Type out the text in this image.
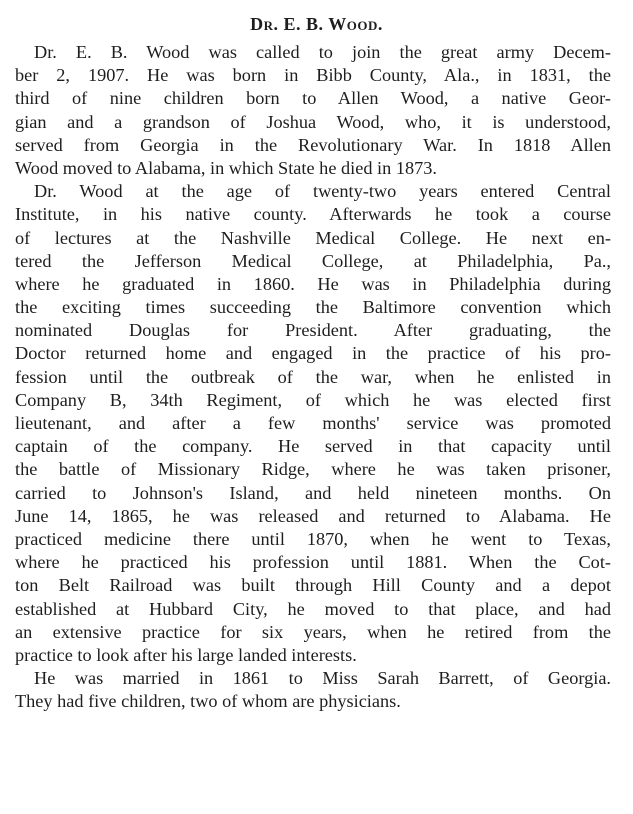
Dr. E. B. Wood.
Dr. E. B. Wood was called to join the great army Decem-
ber 2, 1907. He was born in Bibb County, Ala., in 1831, the
third of nine children born to Allen Wood, a native Geor-
gian and a grandson of Joshua Wood, who, it is understood,
served from Georgia in the Revolutionary War. In 1818 Allen
Wood moved to Alabama, in which State he died in 1873.
Dr. Wood at the age of twenty-two years entered Central
Institute, in his native county. Afterwards he took a course
of lectures at the Nashville Medical College. He next en-
tered the Jefferson Medical College, at Philadelphia, Pa.,
where he graduated in 1860. He was in Philadelphia during
the exciting times succeeding the Baltimore convention which
nominated Douglas for President. After graduating, the
Doctor returned home and engaged in the practice of his pro-
fession until the outbreak of the war, when he enlisted in
Company B, 34th Regiment, of which he was elected first
lieutenant, and after a few months' service was promoted
captain of the company. He served in that capacity until
the battle of Missionary Ridge, where he was taken prisoner,
carried to Johnson's Island, and held nineteen months. On
June 14, 1865, he was released and returned to Alabama. He
practiced medicine there until 1870, when he went to Texas,
where he practiced his profession until 1881. When the Cot-
ton Belt Railroad was built through Hill County and a depot
established at Hubbard City, he moved to that place, and had
an extensive practice for six years, when he retired from the
practice to look after his large landed interests.
He was married in 1861 to Miss Sarah Barrett, of Georgia.
They had five children, two of whom are physicians.
